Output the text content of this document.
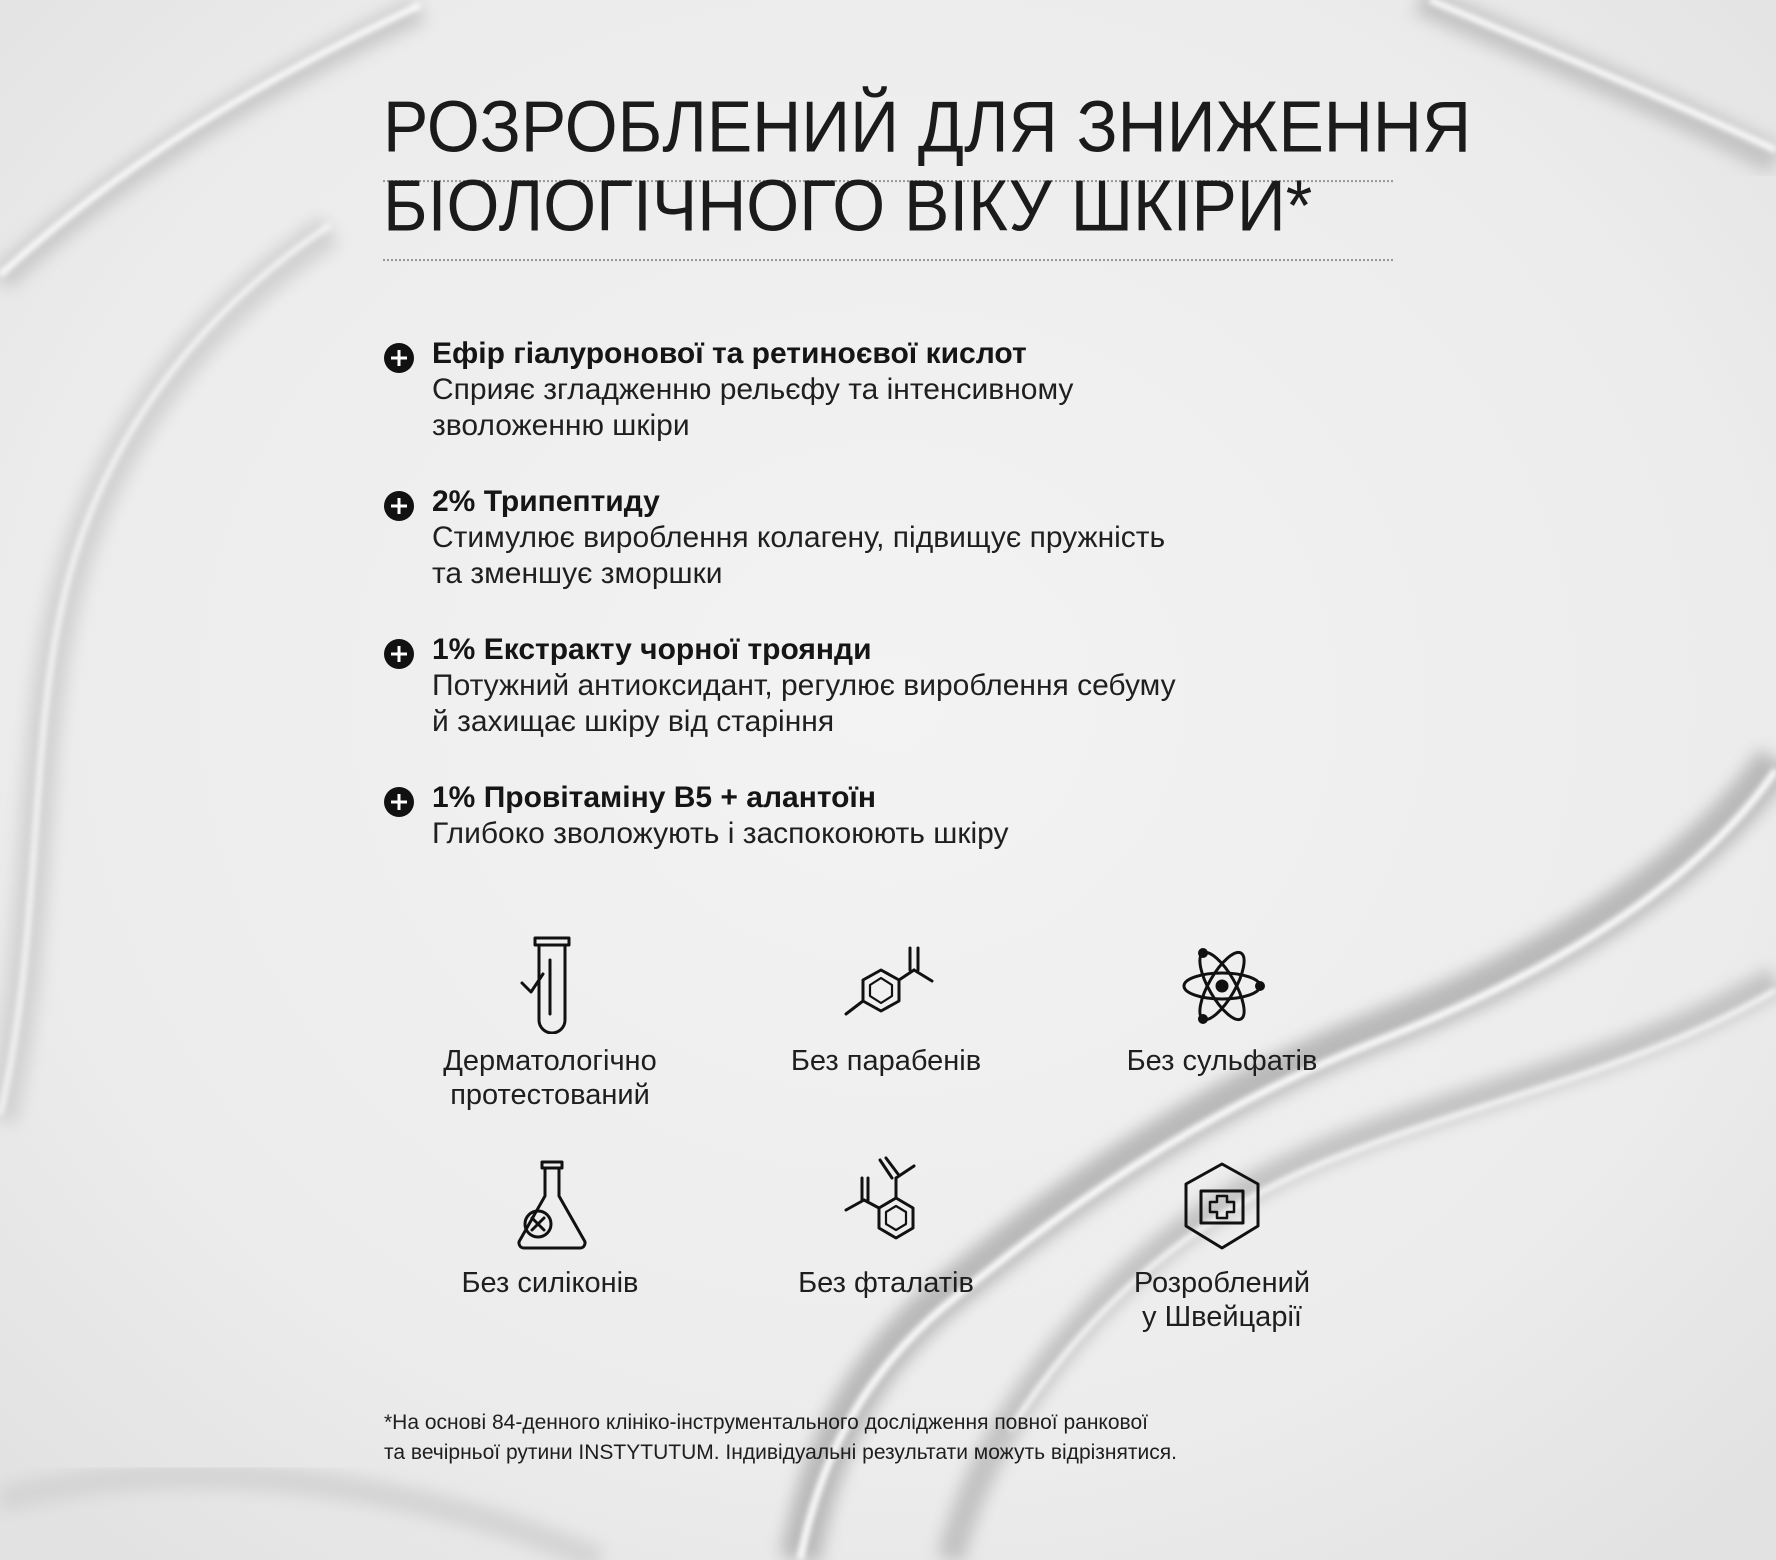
РОЗРОБЛЕНИЙ ДЛЯ ЗНИЖЕННЯ
БІОЛОГІЧНОГО ВІКУ ШКІРИ*
Ефір гіалуронової та ретиноєвої кислот
Сприяє згладженню рельєфу та інтенсивному
зволоженню шкіри
2% Трипептиду
Стимулює вироблення колагену, підвищує пружність
та зменшує зморшки
1% Екстракту чорної троянди
Потужний антиоксидант, регулює вироблення себуму
й захищає шкіру від старіння
1% Провітаміну B5 + алантоїн
Глибоко зволожують і заспокоюють шкіру
Дерматологічно
протестований
Без парабенів	Без сульфатів
Без силіконів	Без фталатів	Розроблений
у Швейцарії
*На основі 84-денного клініко-інструментального дослідження повної ранкової
та вечірньої рутини INSTYTUTUM. Індивідуальні результати можуть відрізнятися.
